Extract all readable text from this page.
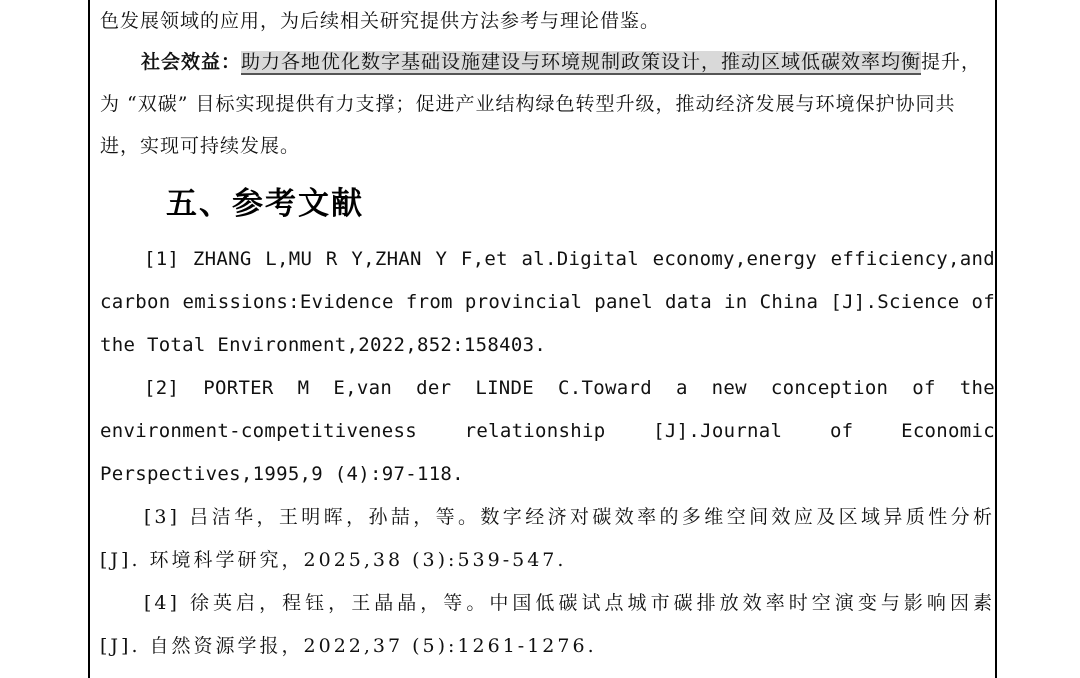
色发展领域的应用，为后续相关研究提供方法参考与理论借鉴。

社会效益：助力各地优化数字基础设施建设与环境规制政策设计，推动区域低碳效率均衡提升，为 “双碳” 目标实现提供有力支撑；促进产业结构绿色转型升级，推动经济发展与环境保护协同共进，实现可持续发展。

五、参考文献

[1] ZHANG L,MU R Y,ZHAN Y F,et al.Digital economy,energy efficiency,and carbon emissions:Evidence from provincial panel data in China [J].Science of the Total Environment,2022,852:158403.

[2] PORTER M E,van der LINDE C.Toward a new conception of the environment-competitiveness relationship [J].Journal of Economic Perspectives,1995,9 (4):97-118.

[3] 吕洁华，王明晖，孙喆，等。数字经济对碳效率的多维空间效应及区域异质性分析 [J]. 环境科学研究，2025,38 (3):539-547.

[4] 徐英启，程钰，王晶晶，等。中国低碳试点城市碳排放效率时空演变与影响因素 [J]. 自然资源学报，2022,37 (5):1261-1276.
